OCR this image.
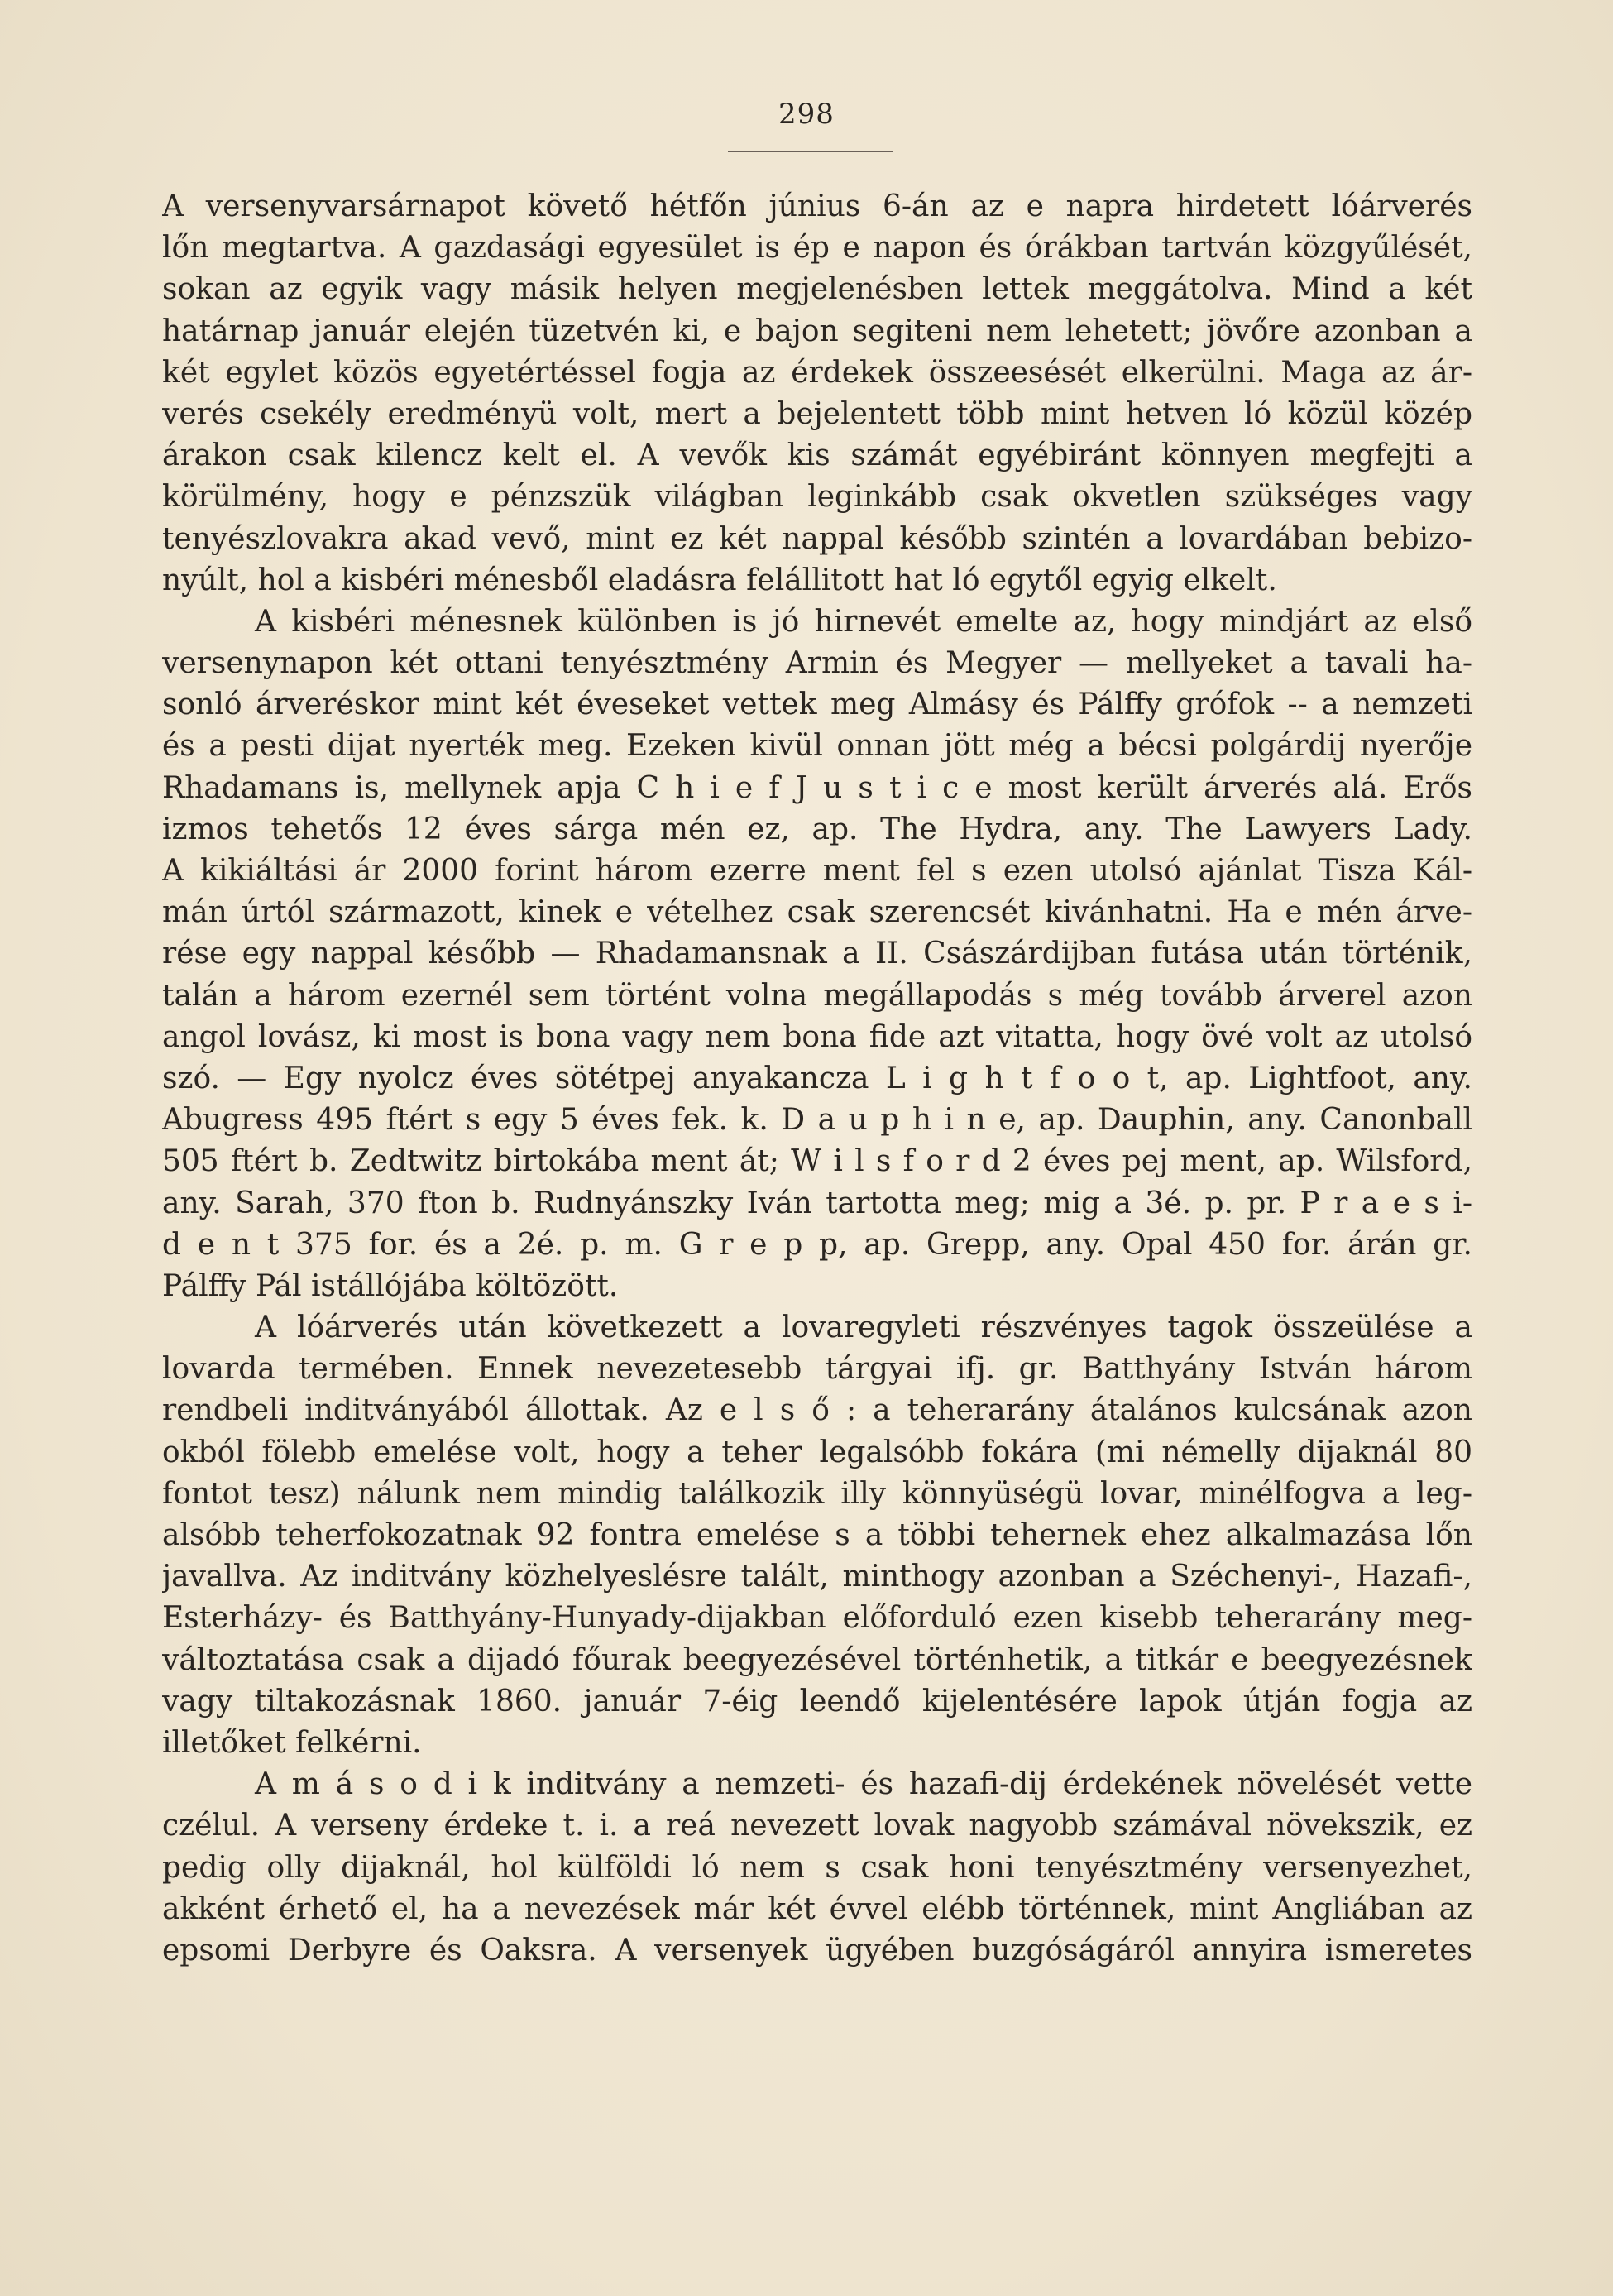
298
A versenyvarsárnapot követő hétfőn június 6-án az e napra hirdetett lóárverés
lőn megtartva. A gazdasági egyesület is ép e napon és órákban tartván közgyűlését,
sokan az egyik vagy másik helyen megjelenésben lettek meggátolva. Mind a két
határnap január elején tüzetvén ki, e bajon segiteni nem lehetett; jövőre azonban a
két egylet közös egyetértéssel fogja az érdekek összeesését elkerülni. Maga az ár-
verés csekély eredményü volt, mert a bejelentett több mint hetven ló közül közép
árakon csak kilencz kelt el. A vevők kis számát egyébiránt könnyen megfejti a
körülmény, hogy e pénzszük világban leginkább csak okvetlen szükséges vagy
tenyészlovakra akad vevő, mint ez két nappal később szintén a lovardában bebizo-
nyúlt, hol a kisbéri ménesből eladásra felállitott hat ló egytől egyig elkelt.
A kisbéri ménesnek különben is jó hirnevét emelte az, hogy mindjárt az első
versenynapon két ottani tenyésztmény Armin és Megyer — mellyeket a tavali ha-
sonló árveréskor mint két éveseket vettek meg Almásy és Pálffy grófok -- a nemzeti
és a pesti dijat nyerték meg. Ezeken kivül onnan jött még a bécsi polgárdij nyerője
Rhadamans is, mellynek apja C h i e f J u s t i c e most került árverés alá. Erős
izmos tehetős 12 éves sárga mén ez, ap. The Hydra, any. The Lawyers Lady.
A kikiáltási ár 2000 forint három ezerre ment fel s ezen utolsó ajánlat Tisza Kál-
mán úrtól származott, kinek e vételhez csak szerencsét kivánhatni. Ha e mén árve-
rése egy nappal később — Rhadamansnak a II. Császárdijban futása után történik,
talán a három ezernél sem történt volna megállapodás s még tovább árverel azon
angol lovász, ki most is bona vagy nem bona fide azt vitatta, hogy övé volt az utolsó
szó. — Egy nyolcz éves sötétpej anyakancza L i g h t f o o t, ap. Lightfoot, any.
Abugress 495 ftért s egy 5 éves fek. k. D a u p h i n e, ap. Dauphin, any. Canonball
505 ftért b. Zedtwitz birtokába ment át; W i l s f o r d 2 éves pej ment, ap. Wilsford,
any. Sarah, 370 fton b. Rudnyánszky Iván tartotta meg; mig a 3é. p. pr. P r a e s i-
d e n t 375 for. és a 2é. p. m. G r e p p, ap. Grepp, any. Opal 450 for. árán gr.
Pálffy Pál istállójába költözött.
A lóárverés után következett a lovaregyleti részvényes tagok összeülése a
lovarda termében. Ennek nevezetesebb tárgyai ifj. gr. Batthyány István három
rendbeli inditványából állottak. Az e l s ő : a teherarány átalános kulcsának azon
okból fölebb emelése volt, hogy a teher legalsóbb fokára (mi némelly dijaknál 80
fontot tesz) nálunk nem mindig találkozik illy könnyüségü lovar, minélfogva a leg-
alsóbb teherfokozatnak 92 fontra emelése s a többi tehernek ehez alkalmazása lőn
javallva. Az inditvány közhelyeslésre talált, minthogy azonban a Széchenyi-, Hazafi-,
Esterházy- és Batthyány-Hunyady-dijakban előforduló ezen kisebb teherarány meg-
változtatása csak a dijadó főurak beegyezésével történhetik, a titkár e beegyezésnek
vagy tiltakozásnak 1860. január 7-éig leendő kijelentésére lapok útján fogja az
illetőket felkérni.
A m á s o d i k inditvány a nemzeti- és hazafi-dij érdekének növelését vette
czélul. A verseny érdeke t. i. a reá nevezett lovak nagyobb számával növekszik, ez
pedig olly dijaknál, hol külföldi ló nem s csak honi tenyésztmény versenyezhet,
akként érhető el, ha a nevezések már két évvel elébb történnek, mint Angliában az
epsomi Derbyre és Oaksra. A versenyek ügyében buzgóságáról annyira ismeretes
